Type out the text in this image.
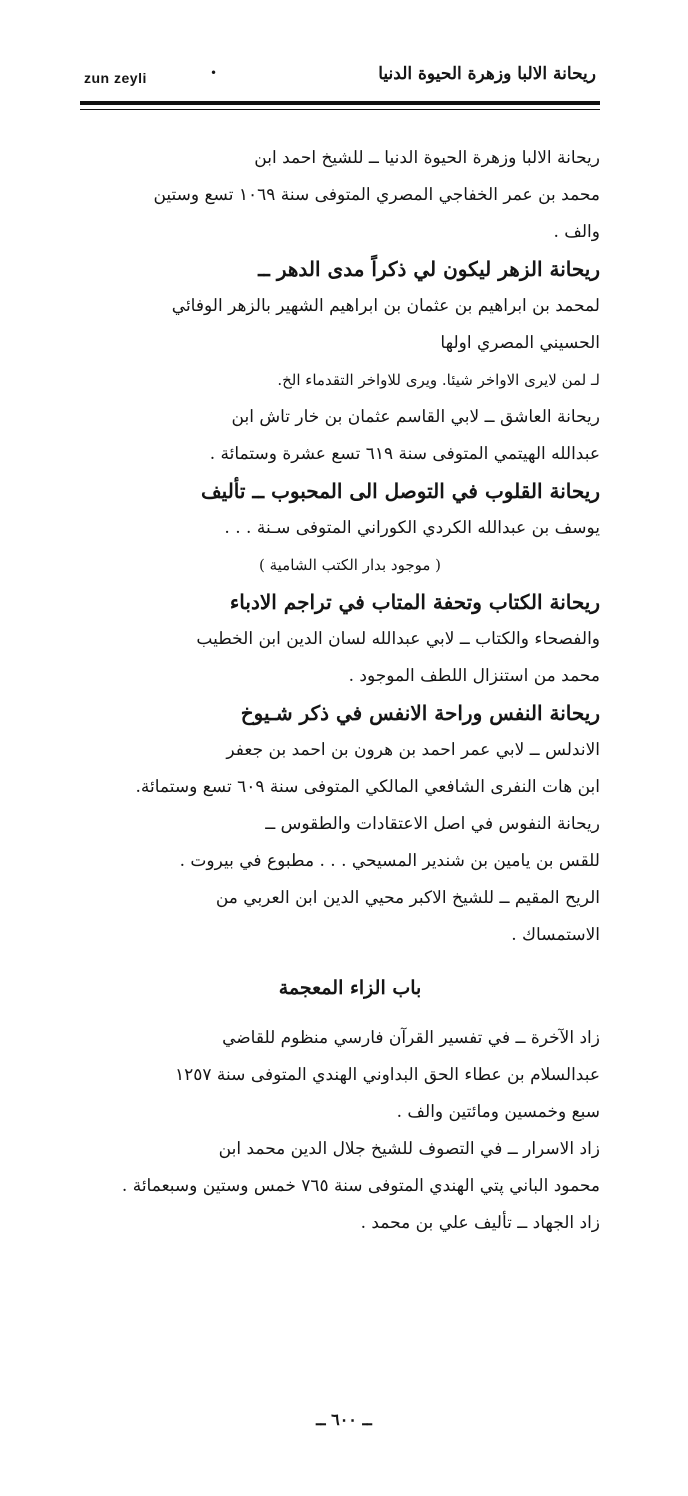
zun zeyli	•	ريحانة الالبا وزهرة الحيوة الدنيا
ريحانة الالبا وزهرة الحيوة الدنيا ــ للشيخ احمد ابن
محمد بن عمر الخفاجي المصري المتوفى سنة ١٠٦٩ تسع وستين
والف .
ريحانة الزهر ليكون لي ذكراً مدى الدهر ــ
لمحمد بن ابراهيم بن عثمان بن ابراهيم الشهير بالزهر الوفائي
الحسيني المصري اولها
لـ لمن لايرى الاواخر شيئا. ويرى للاواخر التقدماء الخ.
ريحانة العاشق ــ لابي القاسم عثمان بن خار تاش ابن
عبدالله الهيتمي المتوفى سنة ٦١٩ تسع عشرة وستمائة .
ريحانة القلوب في التوصل الى المحبوب ــ تأليف
يوسف بن عبدالله الكردي الكوراني المتوفى سـنة . . .
( موجود بدار الكتب الشامية )
ريحانة الكتاب وتحفة المتاب في تراجم الادباء
والفصحاء والكتاب ــ لابي عبدالله لسان الدين ابن الخطيب
محمد من استنزال اللطف الموجود .
ريحانة النفس وراحة الانفس في ذكر شـيوخ
الاندلس ــ لابي عمر احمد بن هرون بن احمد بن جعفر
ابن هات النفرى الشافعي المالكي المتوفى سنة ٦٠٩ تسع وستمائة.
ريحانة النفوس في اصل الاعتقادات والطقوس ــ
للقس بن يامين بن شندير المسيحي . . . مطبوع في بيروت .
الريح المقيم ــ للشيخ الاكبر محيي الدين ابن العربي من
الاستمساك .
باب الزاء المعجمة
زاد الآخرة ــ في تفسير القرآن فارسي منظوم للقاضي
عبدالسلام بن عطاء الحق البداوني الهندي المتوفى سنة ١٢٥٧
سبع وخمسين ومائتين والف .
زاد الاسرار ــ في التصوف للشيخ جلال الدين محمد ابن
محمود الباني پتي الهندي المتوفى سنة ٧٦٥ خمس وستين وسبعمائة .
زاد الجهاد ــ تأليف علي بن محمد .
ــ ٦٠٠ ــ
